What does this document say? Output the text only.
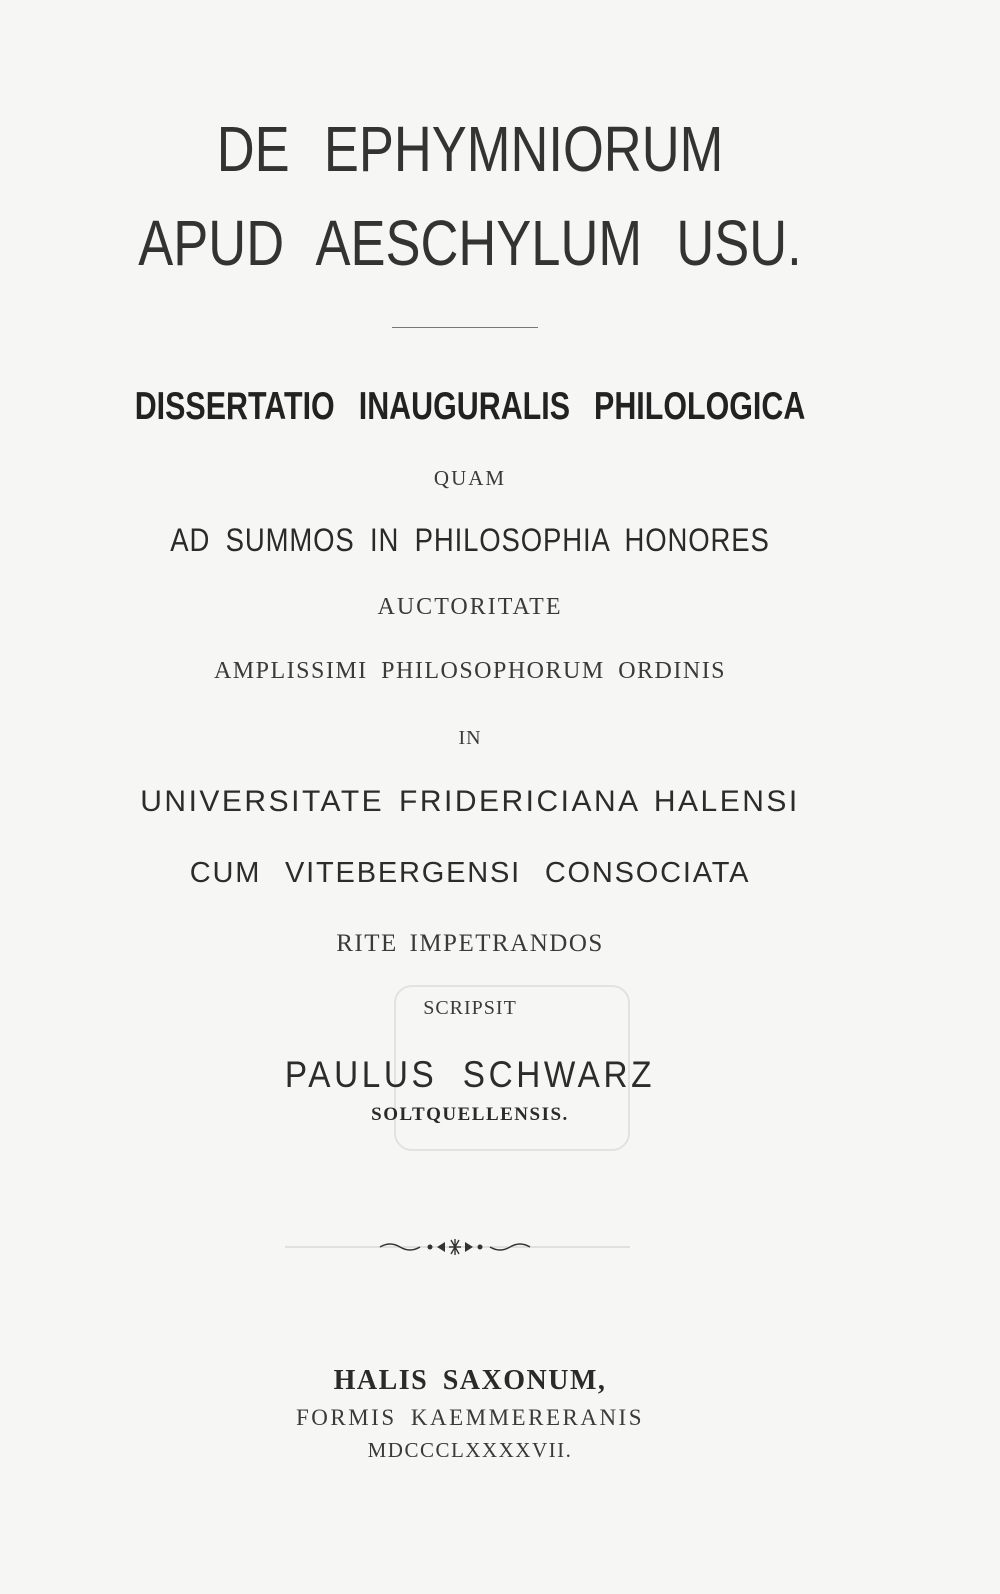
DE EPHYMNIORUM
APUD AESCHYLUM USU.
DISSERTATIO INAUGURALIS PHILOLOGICA
QUAM
AD SUMMOS IN PHILOSOPHIA HONORES
AUCTORITATE
AMPLISSIMI PHILOSOPHORUM ORDINIS
IN
UNIVERSITATE FRIDERICIANA HALENSI
CUM VITEBERGENSI CONSOCIATA
RITE IMPETRANDOS
SCRIPSIT
PAULUS SCHWARZ
SOLTQUELLENSIS.
HALIS SAXONUM,
FORMIS KAEMMERERANIS
MDCCCLXXXXVII.
